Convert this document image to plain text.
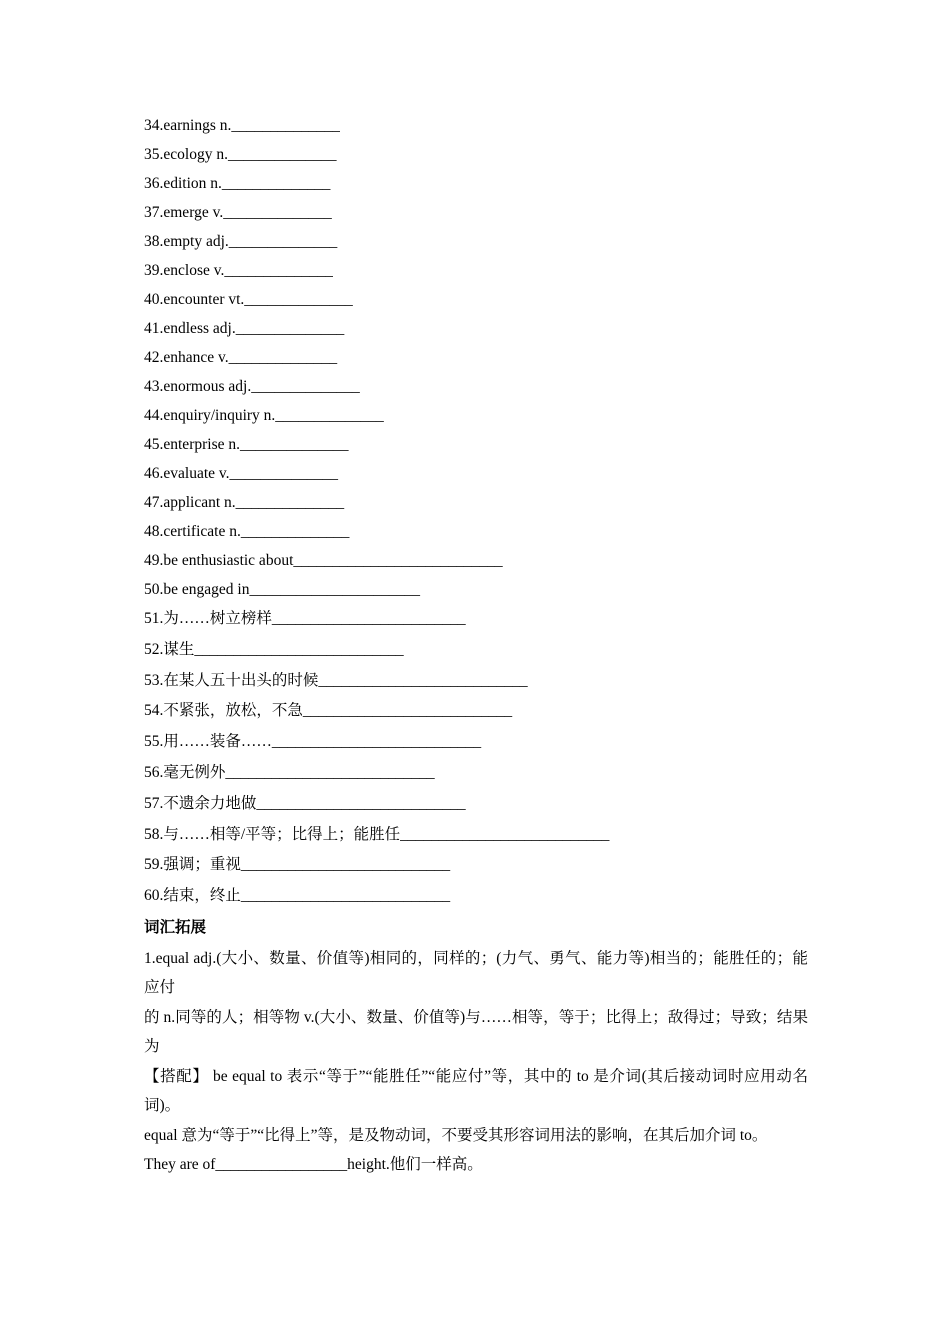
34.earnings n.______________
35.ecology n.______________
36.edition n.______________
37.emerge v.______________
38.empty adj.______________
39.enclose v.______________
40.encounter vt.______________
41.endless adj.______________
42.enhance v.______________
43.enormous adj.______________
44.enquiry/inquiry n.______________
45.enterprise n.______________
46.evaluate v.______________
47.applicant n.______________
48.certificate n.______________
49.be enthusiastic about___________________________
50.be engaged in______________________
51.为……树立榜样_________________________
52.谋生___________________________
53.在某人五十出头的时候___________________________
54.不紧张，放松，不急___________________________
55.用……装备……___________________________
56.毫无例外___________________________
57.不遗余力地做___________________________
58.与……相等/平等；比得上；能胜任___________________________
59.强调；重视___________________________
60.结束，终止___________________________
词汇拓展
1.equal adj.(大小、数量、价值等)相同的，同样的；(力气、勇气、能力等)相当的；能胜任的；能应付
的 n.同等的人；相等物 v.(大小、数量、价值等)与……相等，等于；比得上；敌得过；导致；结果为
【搭配】 be equal to 表示“等于”“能胜任”“能应付”等，其中的 to 是介词(其后接动词时应用动名词)。
equal 意为“等于”“比得上”等，是及物动词，不要受其形容词用法的影响，在其后加介词 to。
They are of_________________height.他们一样高。
